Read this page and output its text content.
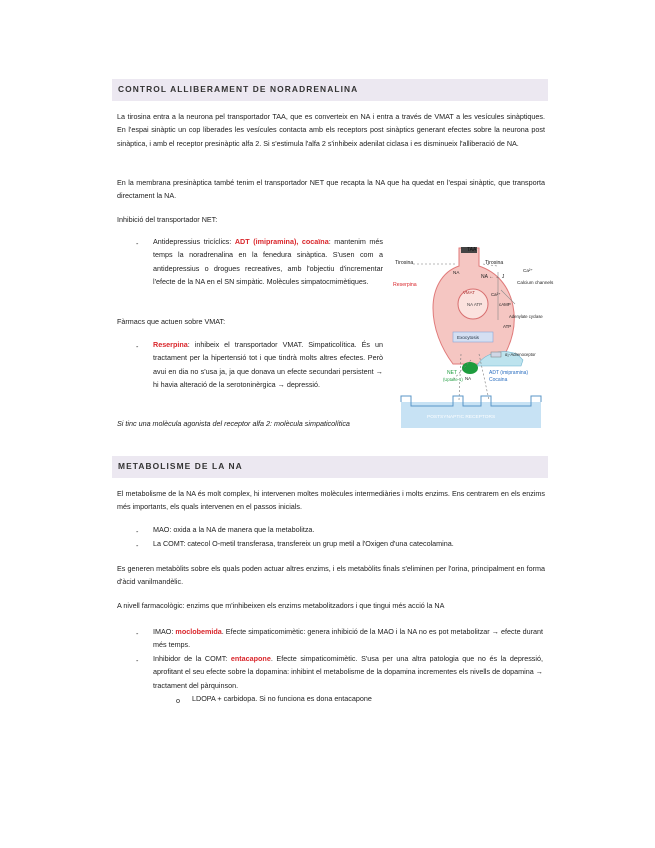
CONTROL ALLIBERAMENT DE NORADRENALINA
La tirosina entra a la neurona pel transportador TAA, que es converteix en NA i entra a través de VMAT a les vesícules sinàptiques. En l'espai sinàptic un cop liberades les vesícules contacta amb els receptors post sinàptics generant efectes sobre la neurona post sinàptica, i amb el receptor presinàptic alfa 2. Si s'estimula l'alfa 2 s'inhibeix adenilat ciclasa i es disminueix l'alliberació de NA.
En la membrana presinàptica també tenim el transportador NET que recapta la NA que ha quedat en l'espai sinàptic, que transporta directament la NA.
Inhibició del transportador NET:
- Antidepressius tricíclics: ADT (imipramina), cocaïna: mantenim més temps la noradrenalina en la fenedura sinàptica. S'usen com a antidepressius o drogues recreatives, amb l'objectiu d'incrementar l'efecte de la NA en el SN simpàtic. Molècules simpatocmimètiques.
Fàrmacs que actuen sobre VMAT:
- Reserpina: inhibeix el transportador VMAT. Simpaticolítica. És un tractament per la hipertensió tot i que tindrà molts altres efectes. Però avui en dia no s'usa ja, ja que donava un efecte secundari persistent → hi havia alteració de la serotoninèrgica → depressió.
Si tinc una molècula agonista del receptor alfa 2: molècula simpaticolítica
TAA
Tirosina	Tirosina
NA ← ← J
Reserpina
Ca²⁺
Calcium channels
Adenylate cyclase
cAMP
ATP
VMAT
NA ATP
Ca²⁺
NA
Exocytosis
α₂-Adrenoceptor
NET
(Uptake-1)
ADT (imipramina)
Cocaina
NA
POSTSYNAPTIC RECEPTORS
METABOLISME DE LA NA
El metabolisme de la NA és molt complex, hi intervenen moltes molècules intermediàries i molts enzims. Ens centrarem en els enzims més importants, els quals intervenen en el passos inicials.
- MAO: oxida a la NA de manera que la metabolitza.
- La COMT: catecol O-metil transferasa, transfereix un grup metil a l'Oxigen d'una catecolamina.
Es generen metabòlits sobre els quals poden actuar altres enzims, i els metabòlits finals s'eliminen per l'orina, principalment en forma d'àcid vanilmandèlic.
A nivell farmacològic: enzims que m'inhibeixen els enzims metabolitzadors i que tingui més acció la NA
- IMAO: moclobemida. Efecte simpaticomimètic: genera inhibició de la MAO i la NA no es pot metabolitzar → efecte durant més temps.
- Inhibidor de la COMT: entacapone. Efecte simpaticomimètic. S'usa per una altra patologia que no és la depressió, aprofitant el seu efecte sobre la dopamina: inhibint el metabolisme de la dopamina incrementes els nivells de dopamina → tractament del pàrquinson.
o LDOPA + carbidopa. Si no funciona es dona entacapone
